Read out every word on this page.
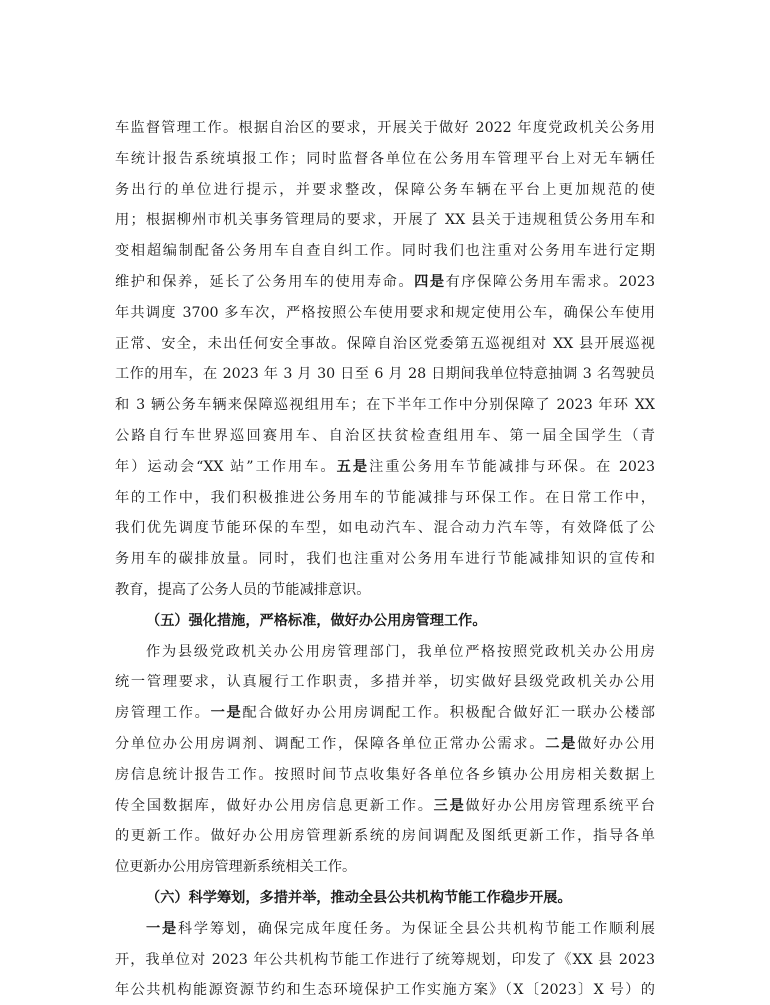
车监督管理工作。根据自治区的要求，开展关于做好 2022 年度党政机关公务用
车统计报告系统填报工作；同时监督各单位在公务用车管理平台上对无车辆任
务出行的单位进行提示，并要求整改，保障公务车辆在平台上更加规范的使
用；根据柳州市机关事务管理局的要求，开展了 XX 县关于违规租赁公务用车和
变相超编制配备公务用车自查自纠工作。同时我们也注重对公务用车进行定期
维护和保养，延长了公务用车的使用寿命。四是有序保障公务用车需求。2023
年共调度 3700 多车次，严格按照公车使用要求和规定使用公车，确保公车使用
正常、安全，未出任何安全事故。保障自治区党委第五巡视组对 XX 县开展巡视
工作的用车，在 2023 年 3 月 30 日至 6 月 28 日期间我单位特意抽调 3 名驾驶员
和 3 辆公务车辆来保障巡视组用车；在下半年工作中分别保障了 2023 年环 XX
公路自行车世界巡回赛用车、自治区扶贫检查组用车、第一届全国学生（青
年）运动会“XX 站”工作用车。五是注重公务用车节能减排与环保。在 2023
年的工作中，我们积极推进公务用车的节能减排与环保工作。在日常工作中，
我们优先调度节能环保的车型，如电动汽车、混合动力汽车等，有效降低了公
务用车的碳排放量。同时，我们也注重对公务用车进行节能减排知识的宣传和
教育，提高了公务人员的节能减排意识。
（五）强化措施，严格标准，做好办公用房管理工作。
作为县级党政机关办公用房管理部门，我单位严格按照党政机关办公用房
统一管理要求，认真履行工作职责，多措并举，切实做好县级党政机关办公用
房管理工作。一是配合做好办公用房调配工作。积极配合做好汇一联办公楼部
分单位办公用房调剂、调配工作，保障各单位正常办公需求。二是做好办公用
房信息统计报告工作。按照时间节点收集好各单位各乡镇办公用房相关数据上
传全国数据库，做好办公用房信息更新工作。三是做好办公用房管理系统平台
的更新工作。做好办公用房管理新系统的房间调配及图纸更新工作，指导各单
位更新办公用房管理新系统相关工作。
（六）科学筹划，多措并举，推动全县公共机构节能工作稳步开展。
一是科学筹划，确保完成年度任务。为保证全县公共机构节能工作顺利展
开，我单位对 2023 年公共机构节能工作进行了统筹规划，印发了《XX 县 2023
年公共机构能源资源节约和生态环境保护工作实施方案》（X〔2023〕X 号）的
